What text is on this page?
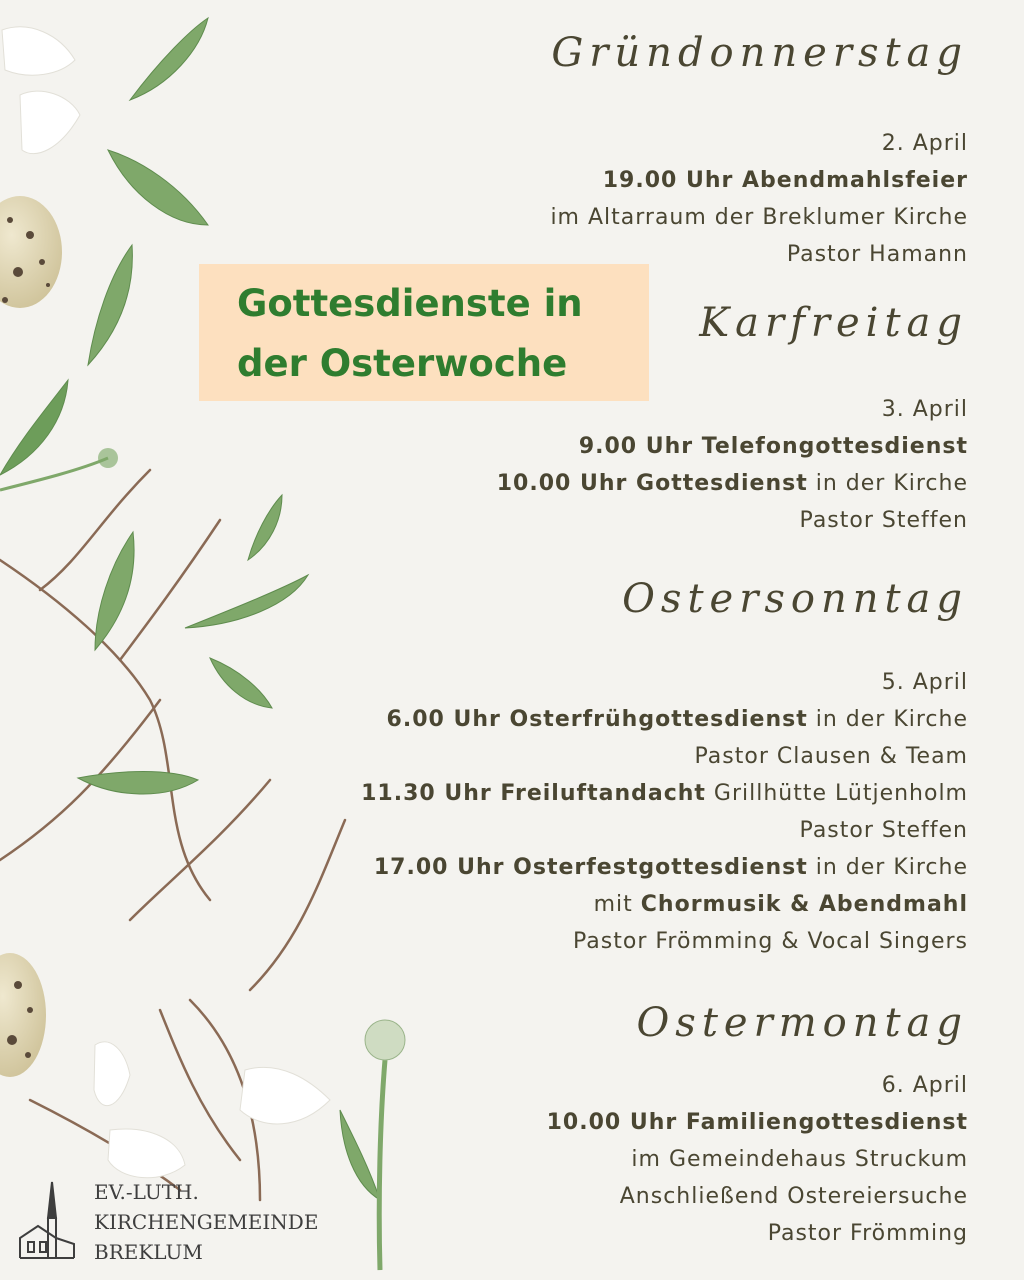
Gottesdienste in
der Osterwoche
Gründonnerstag
2. April
19.00 Uhr Abendmahlsfeier
im Altarraum der Breklumer Kirche
Pastor Hamann
Karfreitag
3. April
9.00 Uhr Telefongottesdienst
10.00 Uhr Gottesdienst in der Kirche
Pastor Steffen
Ostersonntag
5. April
6.00 Uhr Osterfrühgottesdienst in der Kirche
Pastor Clausen & Team
11.30 Uhr Freiluftandacht Grillhütte Lütjenholm
Pastor Steffen
17.00 Uhr Osterfestgottesdienst in der Kirche
mit Chormusik & Abendmahl
Pastor Frömming & Vocal Singers
Ostermontag
6. April
10.00 Uhr Familiengottesdienst
im Gemeindehaus Struckum
Anschließend Ostereiersuche
Pastor Frömming
EV.-LUTH.
KIRCHENGEMEINDE
BREKLUM
